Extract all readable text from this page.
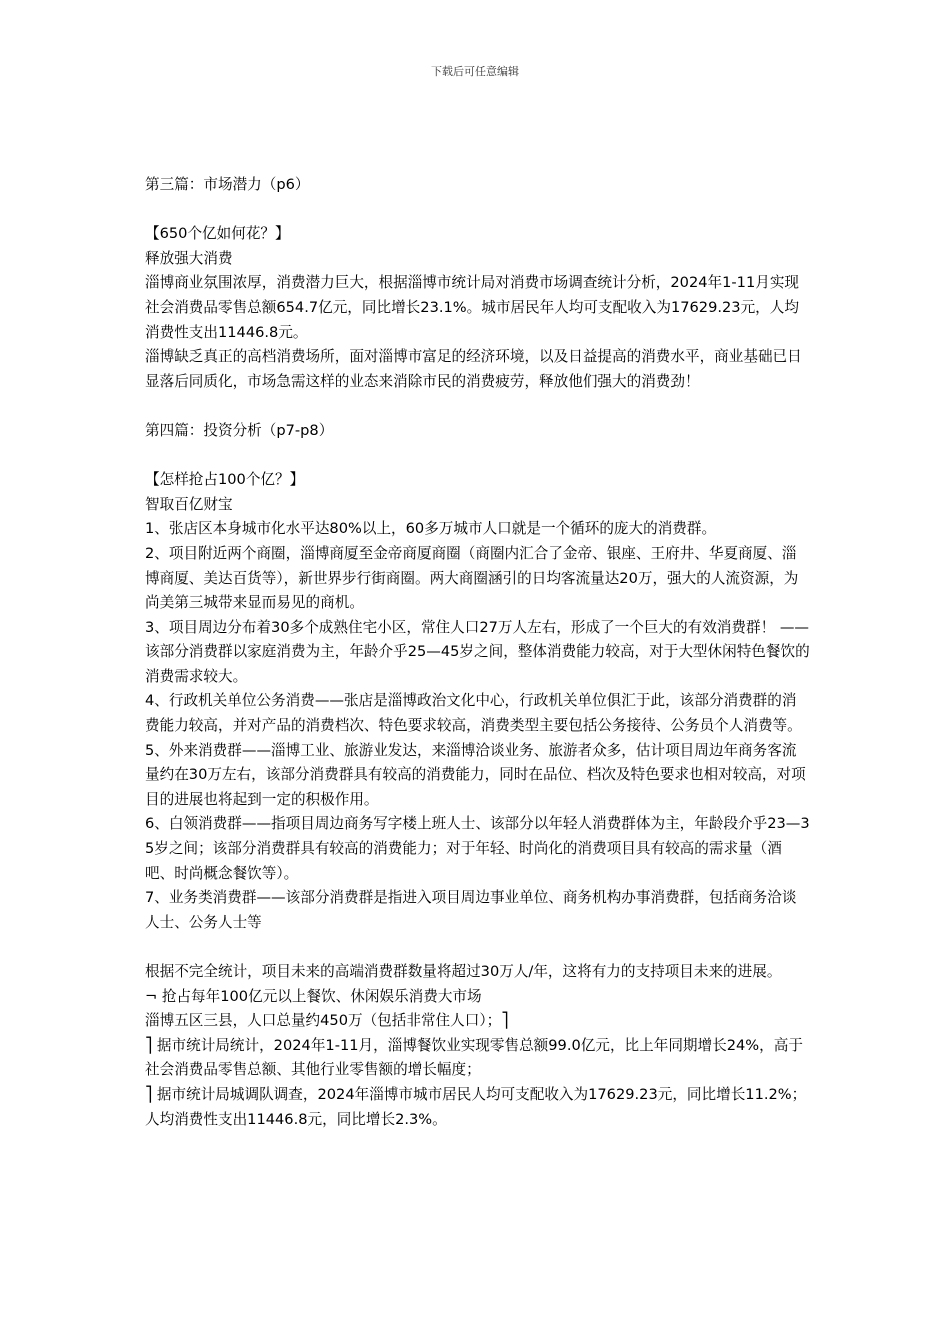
下载后可任意编辑

第三篇：市场潜力（p6）

【650个亿如何花？】

释放强大消费

淄博商业氛围浓厚，消费潜力巨大，根据淄博市统计局对消费市场调查统计分析，2024年1-11月实现社会消费品零售总额654.7亿元，同比增长23.1%。城市居民年人均可支配收入为17629.23元，人均消费性支出11446.8元。

淄博缺乏真正的高档消费场所，面对淄博市富足的经济环境，以及日益提高的消费水平，商业基础已日显落后同质化，市场急需这样的业态来消除市民的消费疲劳，释放他们强大的消费劲！

第四篇：投资分析（p7-p8）

【怎样抢占100个亿？】

智取百亿财宝

1、张店区本身城市化水平达80%以上，60多万城市人口就是一个循环的庞大的消费群。

2、项目附近两个商圈，淄博商厦至金帝商厦商圈（商圈内汇合了金帝、银座、王府井、华夏商厦、淄博商厦、美达百货等），新世界步行街商圈。两大商圈涵引的日均客流量达20万，强大的人流资源，为尚美第三城带来显而易见的商机。

3、项目周边分布着30多个成熟住宅小区，常住人口27万人左右，形成了一个巨大的有效消费群！ ——该部分消费群以家庭消费为主，年龄介乎25—45岁之间，整体消费能力较高，对于大型休闲特色餐饮的消费需求较大。

4、行政机关单位公务消费——张店是淄博政治文化中心，行政机关单位俱汇于此，该部分消费群的消费能力较高，并对产品的消费档次、特色要求较高，消费类型主要包括公务接待、公务员个人消费等。

5、外来消费群——淄博工业、旅游业发达，来淄博洽谈业务、旅游者众多，估计项目周边年商务客流量约在30万左右，该部分消费群具有较高的消费能力，同时在品位、档次及特色要求也相对较高，对项目的进展也将起到一定的积极作用。

6、白领消费群——指项目周边商务写字楼上班人士、该部分以年轻人消费群体为主，年龄段介乎23—35岁之间；该部分消费群具有较高的消费能力；对于年轻、时尚化的消费项目具有较高的需求量（酒吧、时尚概念餐饮等）。

7、业务类消费群——该部分消费群是指进入项目周边事业单位、商务机构办事消费群，包括商务洽谈人士、公务人士等

根据不完全统计，项目未来的高端消费群数量将超过30万人/年，这将有力的支持项目未来的进展。

¬ 抢占每年100亿元以上餐饮、休闲娱乐消费大市场

淄博五区三县，人口总量约450万（包括非常住人口）；⎤

⎤ 据市统计局统计，2024年1-11月，淄博餐饮业实现零售总额99.0亿元，比上年同期增长24%，高于社会消费品零售总额、其他行业零售额的增长幅度；

⎤ 据市统计局城调队调查，2024年淄博市城市居民人均可支配收入为17629.23元，同比增长11.2%；人均消费性支出11446.8元，同比增长2.3%。
